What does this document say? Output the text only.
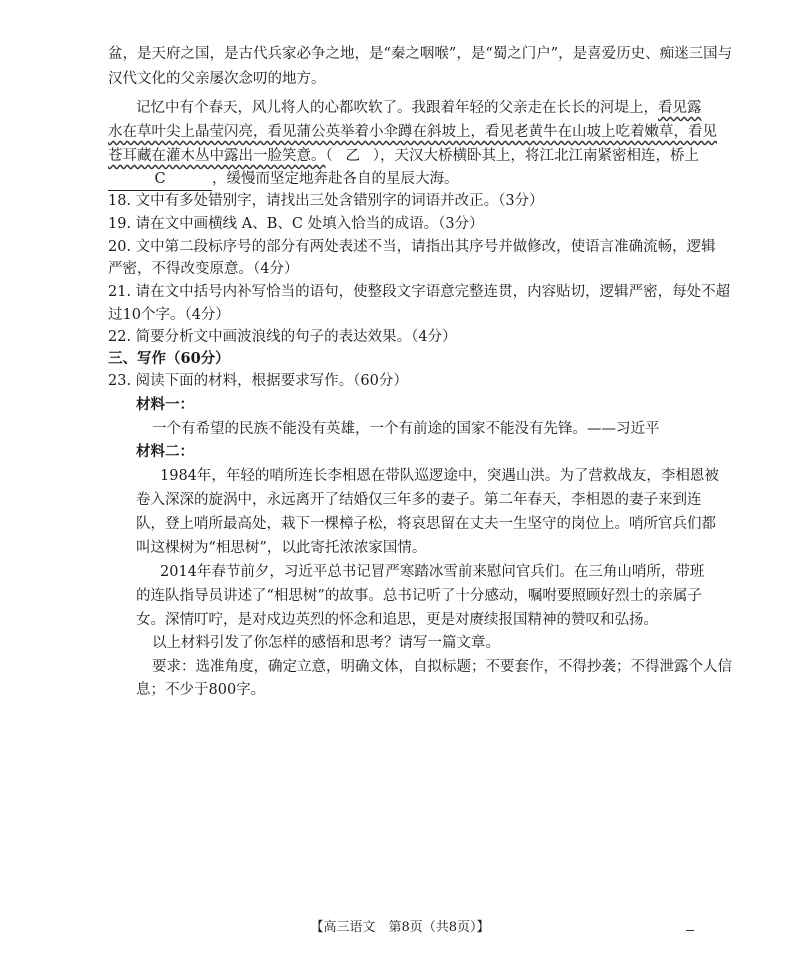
盆，是天府之国，是古代兵家必争之地，是“秦之咽喉”，是“蜀之门户”，是喜爱历史、痴迷三国与
汉代文化的父亲屡次念叨的地方。
记忆中有个春天，风儿将人的心都吹软了。我跟着年轻的父亲走在长长的河堤上，看见露
水在草叶尖上晶莹闪亮，看见蒲公英举着小伞蹲在斜坡上，看见老黄牛在山坡上吃着嫩草，看见
苍耳藏在灌木丛中露出一脸笑意。（ 乙 ），天汉大桥横卧其上，将江北江南紧密相连，桥上
C	，缓慢而坚定地奔赴各自的星辰大海。
18. 文中有多处错别字，请找出三处含错别字的词语并改正。（3分）
19. 请在文中画横线 A、B、C 处填入恰当的成语。（3分）
20. 文中第二段标序号的部分有两处表述不当，请指出其序号并做修改，使语言准确流畅，逻辑
严密，不得改变原意。（4分）
21. 请在文中括号内补写恰当的语句，使整段文字语意完整连贯，内容贴切，逻辑严密，每处不超
过10个字。（4分）
22. 简要分析文中画波浪线的句子的表达效果。（4分）
三、写作（60分）
23. 阅读下面的材料，根据要求写作。（60分）
材料一：
一个有希望的民族不能没有英雄，一个有前途的国家不能没有先锋。——习近平
材料二：
1984年，年轻的哨所连长李相恩在带队巡逻途中，突遇山洪。为了营救战友，李相恩被
卷入深深的旋涡中，永远离开了结婚仅三年多的妻子。第二年春天，李相恩的妻子来到连
队，登上哨所最高处，栽下一棵樟子松，将哀思留在丈夫一生坚守的岗位上。哨所官兵们都
叫这棵树为“相思树”，以此寄托浓浓家国情。
2014年春节前夕，习近平总书记冒严寒踏冰雪前来慰问官兵们。在三角山哨所，带班
的连队指导员讲述了“相思树”的故事。总书记听了十分感动，嘱咐要照顾好烈士的亲属子
女。深情叮咛，是对戍边英烈的怀念和追思，更是对赓续报国精神的赞叹和弘扬。
以上材料引发了你怎样的感悟和思考？请写一篇文章。
要求：选准角度，确定立意，明确文体，自拟标题；不要套作，不得抄袭；不得泄露个人信
息；不少于800字。
【高三语文　第8页（共8页）】
